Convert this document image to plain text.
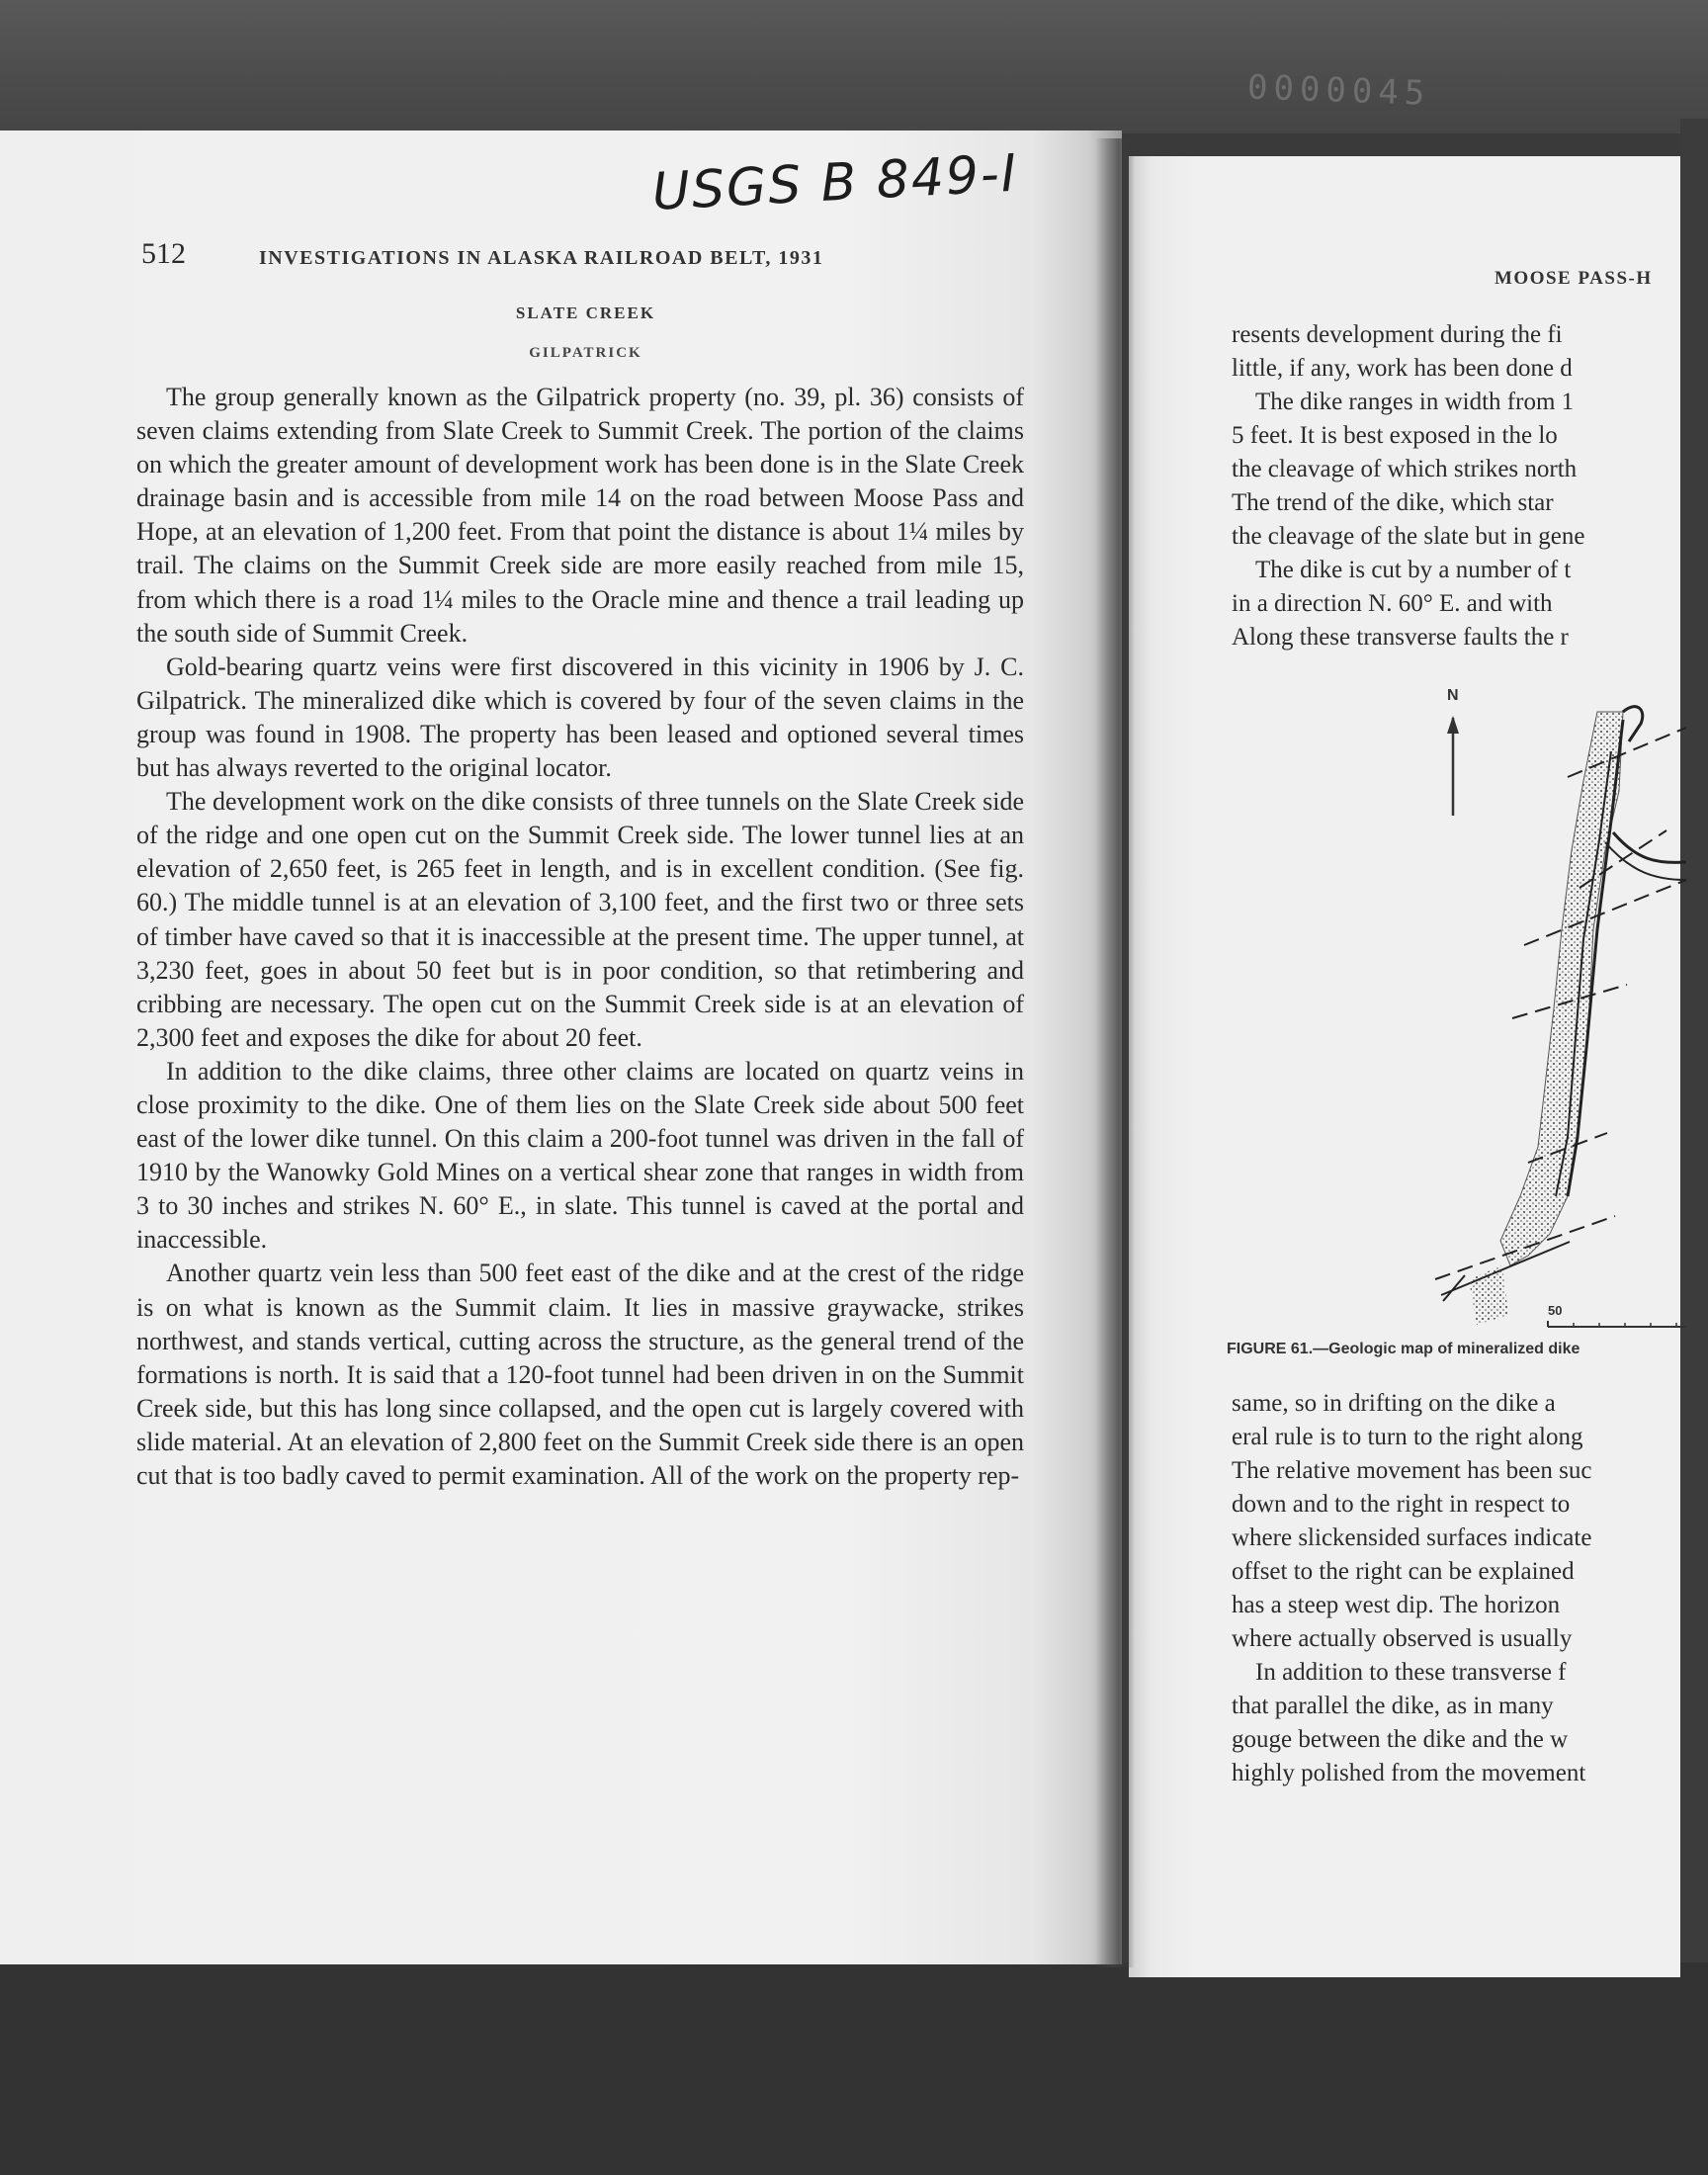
0000045
USGS B 849-I
512	INVESTIGATIONS IN ALASKA RAILROAD BELT, 1931
SLATE CREEK
GILPATRICK

The group generally known as the Gilpatrick property (no. 39, pl. 36) consists of seven claims extending from Slate Creek to Summit Creek. The portion of the claims on which the greater amount of development work has been done is in the Slate Creek drainage basin and is accessible from mile 14 on the road between Moose Pass and Hope, at an elevation of 1,200 feet. From that point the distance is about 1¼ miles by trail. The claims on the Summit Creek side are more easily reached from mile 15, from which there is a road 1¼ miles to the Oracle mine and thence a trail leading up the south side of Summit Creek.

Gold-bearing quartz veins were first discovered in this vicinity in 1906 by J. C. Gilpatrick. The mineralized dike which is covered by four of the seven claims in the group was found in 1908. The property has been leased and optioned several times but has always reverted to the original locator.

The development work on the dike consists of three tunnels on the Slate Creek side of the ridge and one open cut on the Summit Creek side. The lower tunnel lies at an elevation of 2,650 feet, is 265 feet in length, and is in excellent condition. (See fig. 60.) The middle tunnel is at an elevation of 3,100 feet, and the first two or three sets of timber have caved so that it is inaccessible at the present time. The upper tunnel, at 3,230 feet, goes in about 50 feet but is in poor condition, so that retimbering and cribbing are necessary. The open cut on the Summit Creek side is at an elevation of 2,300 feet and exposes the dike for about 20 feet.

In addition to the dike claims, three other claims are located on quartz veins in close proximity to the dike. One of them lies on the Slate Creek side about 500 feet east of the lower dike tunnel. On this claim a 200-foot tunnel was driven in the fall of 1910 by the Wanowky Gold Mines on a vertical shear zone that ranges in width from 3 to 30 inches and strikes N. 60° E., in slate. This tunnel is caved at the portal and inaccessible.

Another quartz vein less than 500 feet east of the dike and at the crest of the ridge is on what is known as the Summit claim. It lies in massive graywacke, strikes northwest, and stands vertical, cutting across the structure, as the general trend of the formations is north. It is said that a 120-foot tunnel had been driven in on the Summit Creek side, but this has long since collapsed, and the open cut is largely covered with slide material. At an elevation of 2,800 feet on the Summit Creek side there is an open cut that is too badly caved to permit examination. All of the work on the property rep-

MOOSE PASS-H
resents development during the fi
little, if any, work has been done d
The dike ranges in width from 1
5 feet. It is best exposed in the lo
the cleavage of which strikes north
The trend of the dike, which star
the cleavage of the slate but in gene
The dike is cut by a number of t
in a direction N. 60° E. and with
Along these transverse faults the r
N
50
FIGURE 61.—Geologic map of mineralized dike
same, so in drifting on the dike a
eral rule is to turn to the right along
The relative movement has been suc
down and to the right in respect to
where slickensided surfaces indicate
offset to the right can be explained
has a steep west dip. The horizon
where actually observed is usually
In addition to these transverse f
that parallel the dike, as in many
gouge between the dike and the w
highly polished from the movement
